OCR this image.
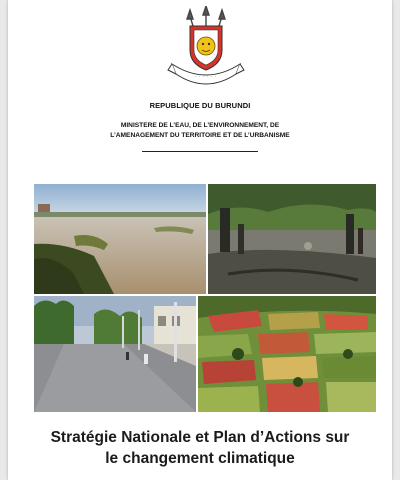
· · · · · ·
REPUBLIQUE DU BURUNDI
MINISTERE DE L’EAU, DE L’ENVIRONNEMENT, DE
L’AMENAGEMENT DU TERRITOIRE ET DE L’URBANISME
Stratégie Nationale et Plan d’Actions sur
le changement climatique
